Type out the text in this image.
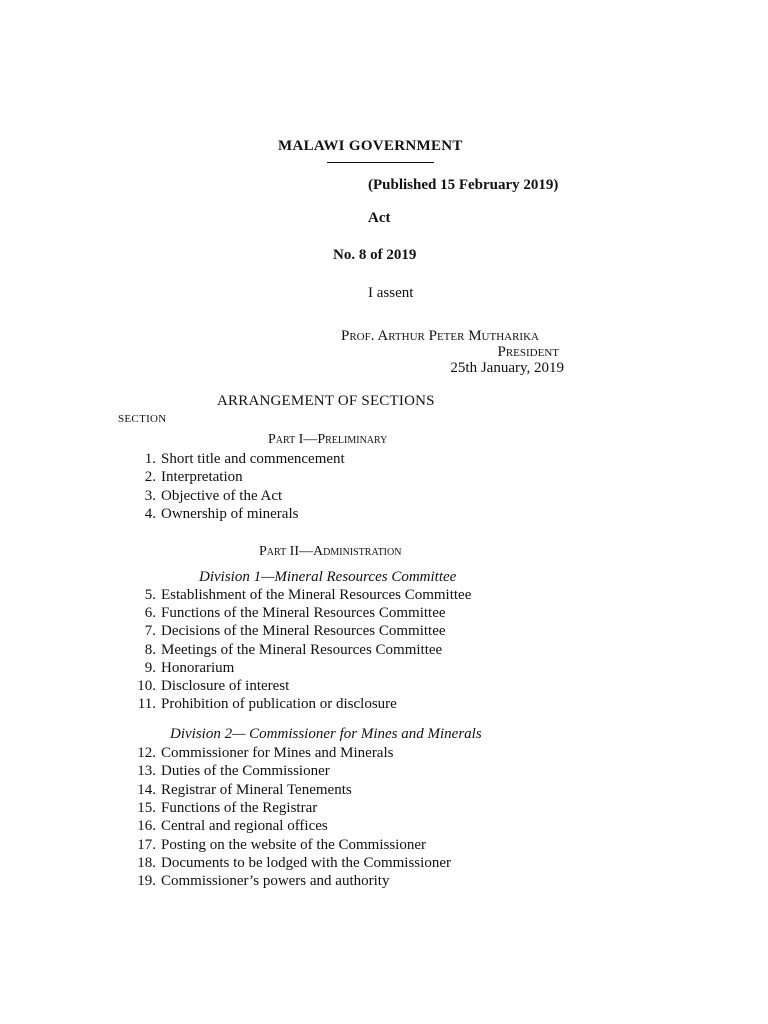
MALAWI GOVERNMENT
(Published 15 February 2019)
Act
No. 8 of 2019
I assent
Prof. Arthur Peter Mutharika
President
25th January, 2019
ARRANGEMENT OF SECTIONS
SECTION
Part I—Preliminary
1. Short title and commencement
2. Interpretation
3. Objective of the Act
4. Ownership of minerals
Part II—Administration
Division 1—Mineral Resources Committee
5. Establishment of the Mineral Resources Committee
6. Functions of the Mineral Resources Committee
7. Decisions of the Mineral Resources Committee
8. Meetings of the Mineral Resources Committee
9. Honorarium
10. Disclosure of interest
11. Prohibition of publication or disclosure
Division 2— Commissioner for Mines and Minerals
12. Commissioner for Mines and Minerals
13. Duties of the Commissioner
14. Registrar of Mineral Tenements
15. Functions of the Registrar
16. Central and regional offices
17. Posting on the website of the Commissioner
18. Documents to be lodged with the Commissioner
19. Commissioner’s powers and authority
